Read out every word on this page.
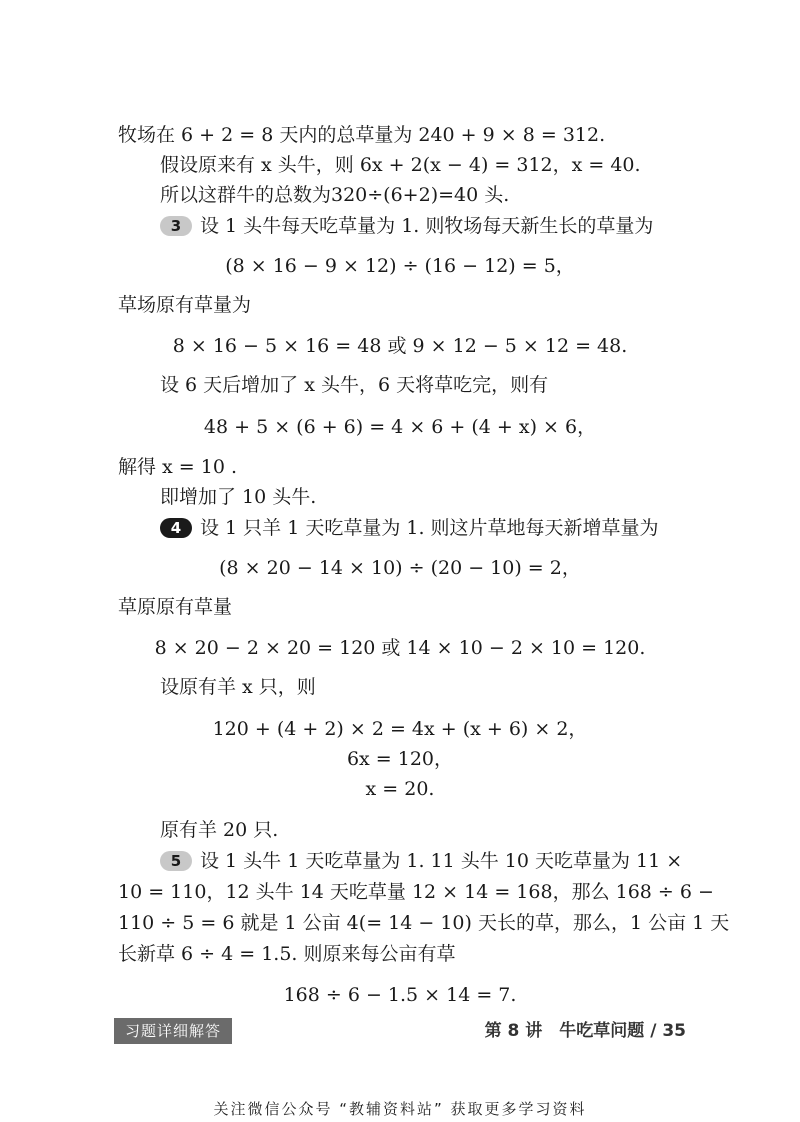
牧场在 6 + 2 = 8 天内的总草量为 240 + 9 × 8 = 312.
假设原来有 x 头牛，则 6x + 2(x − 4) = 312，x = 40.
所以这群牛的总数为320÷(6+2)=40 头.
3 设 1 头牛每天吃草量为 1. 则牧场每天新生长的草量为
(8 × 16 − 9 × 12) ÷ (16 − 12) = 5，
草场原有草量为
8 × 16 − 5 × 16 = 48 或 9 × 12 − 5 × 12 = 48.
设 6 天后增加了 x 头牛，6 天将草吃完，则有
48 + 5 × (6 + 6) = 4 × 6 + (4 + x) × 6，
解得 x = 10 .
即增加了 10 头牛.
4 设 1 只羊 1 天吃草量为 1. 则这片草地每天新增草量为
(8 × 20 − 14 × 10) ÷ (20 − 10) = 2，
草原原有草量
8 × 20 − 2 × 20 = 120 或 14 × 10 − 2 × 10 = 120.
设原有羊 x 只，则
120 + (4 + 2) × 2 = 4x + (x + 6) × 2，
6x = 120，
x = 20.
原有羊 20 只.
5 设 1 头牛 1 天吃草量为 1. 11 头牛 10 天吃草量为 11 ×
10 = 110，12 头牛 14 天吃草量 12 × 14 = 168，那么 168 ÷ 6 −
110 ÷ 5 = 6 就是 1 公亩 4(= 14 − 10) 天长的草，那么，1 公亩 1 天
长新草 6 ÷ 4 = 1.5. 则原来每公亩有草
168 ÷ 6 − 1.5 × 14 = 7.
习题详细解答	第 8 讲　牛吃草问题 / 35
关注微信公众号 “教辅资料站” 获取更多学习资料
